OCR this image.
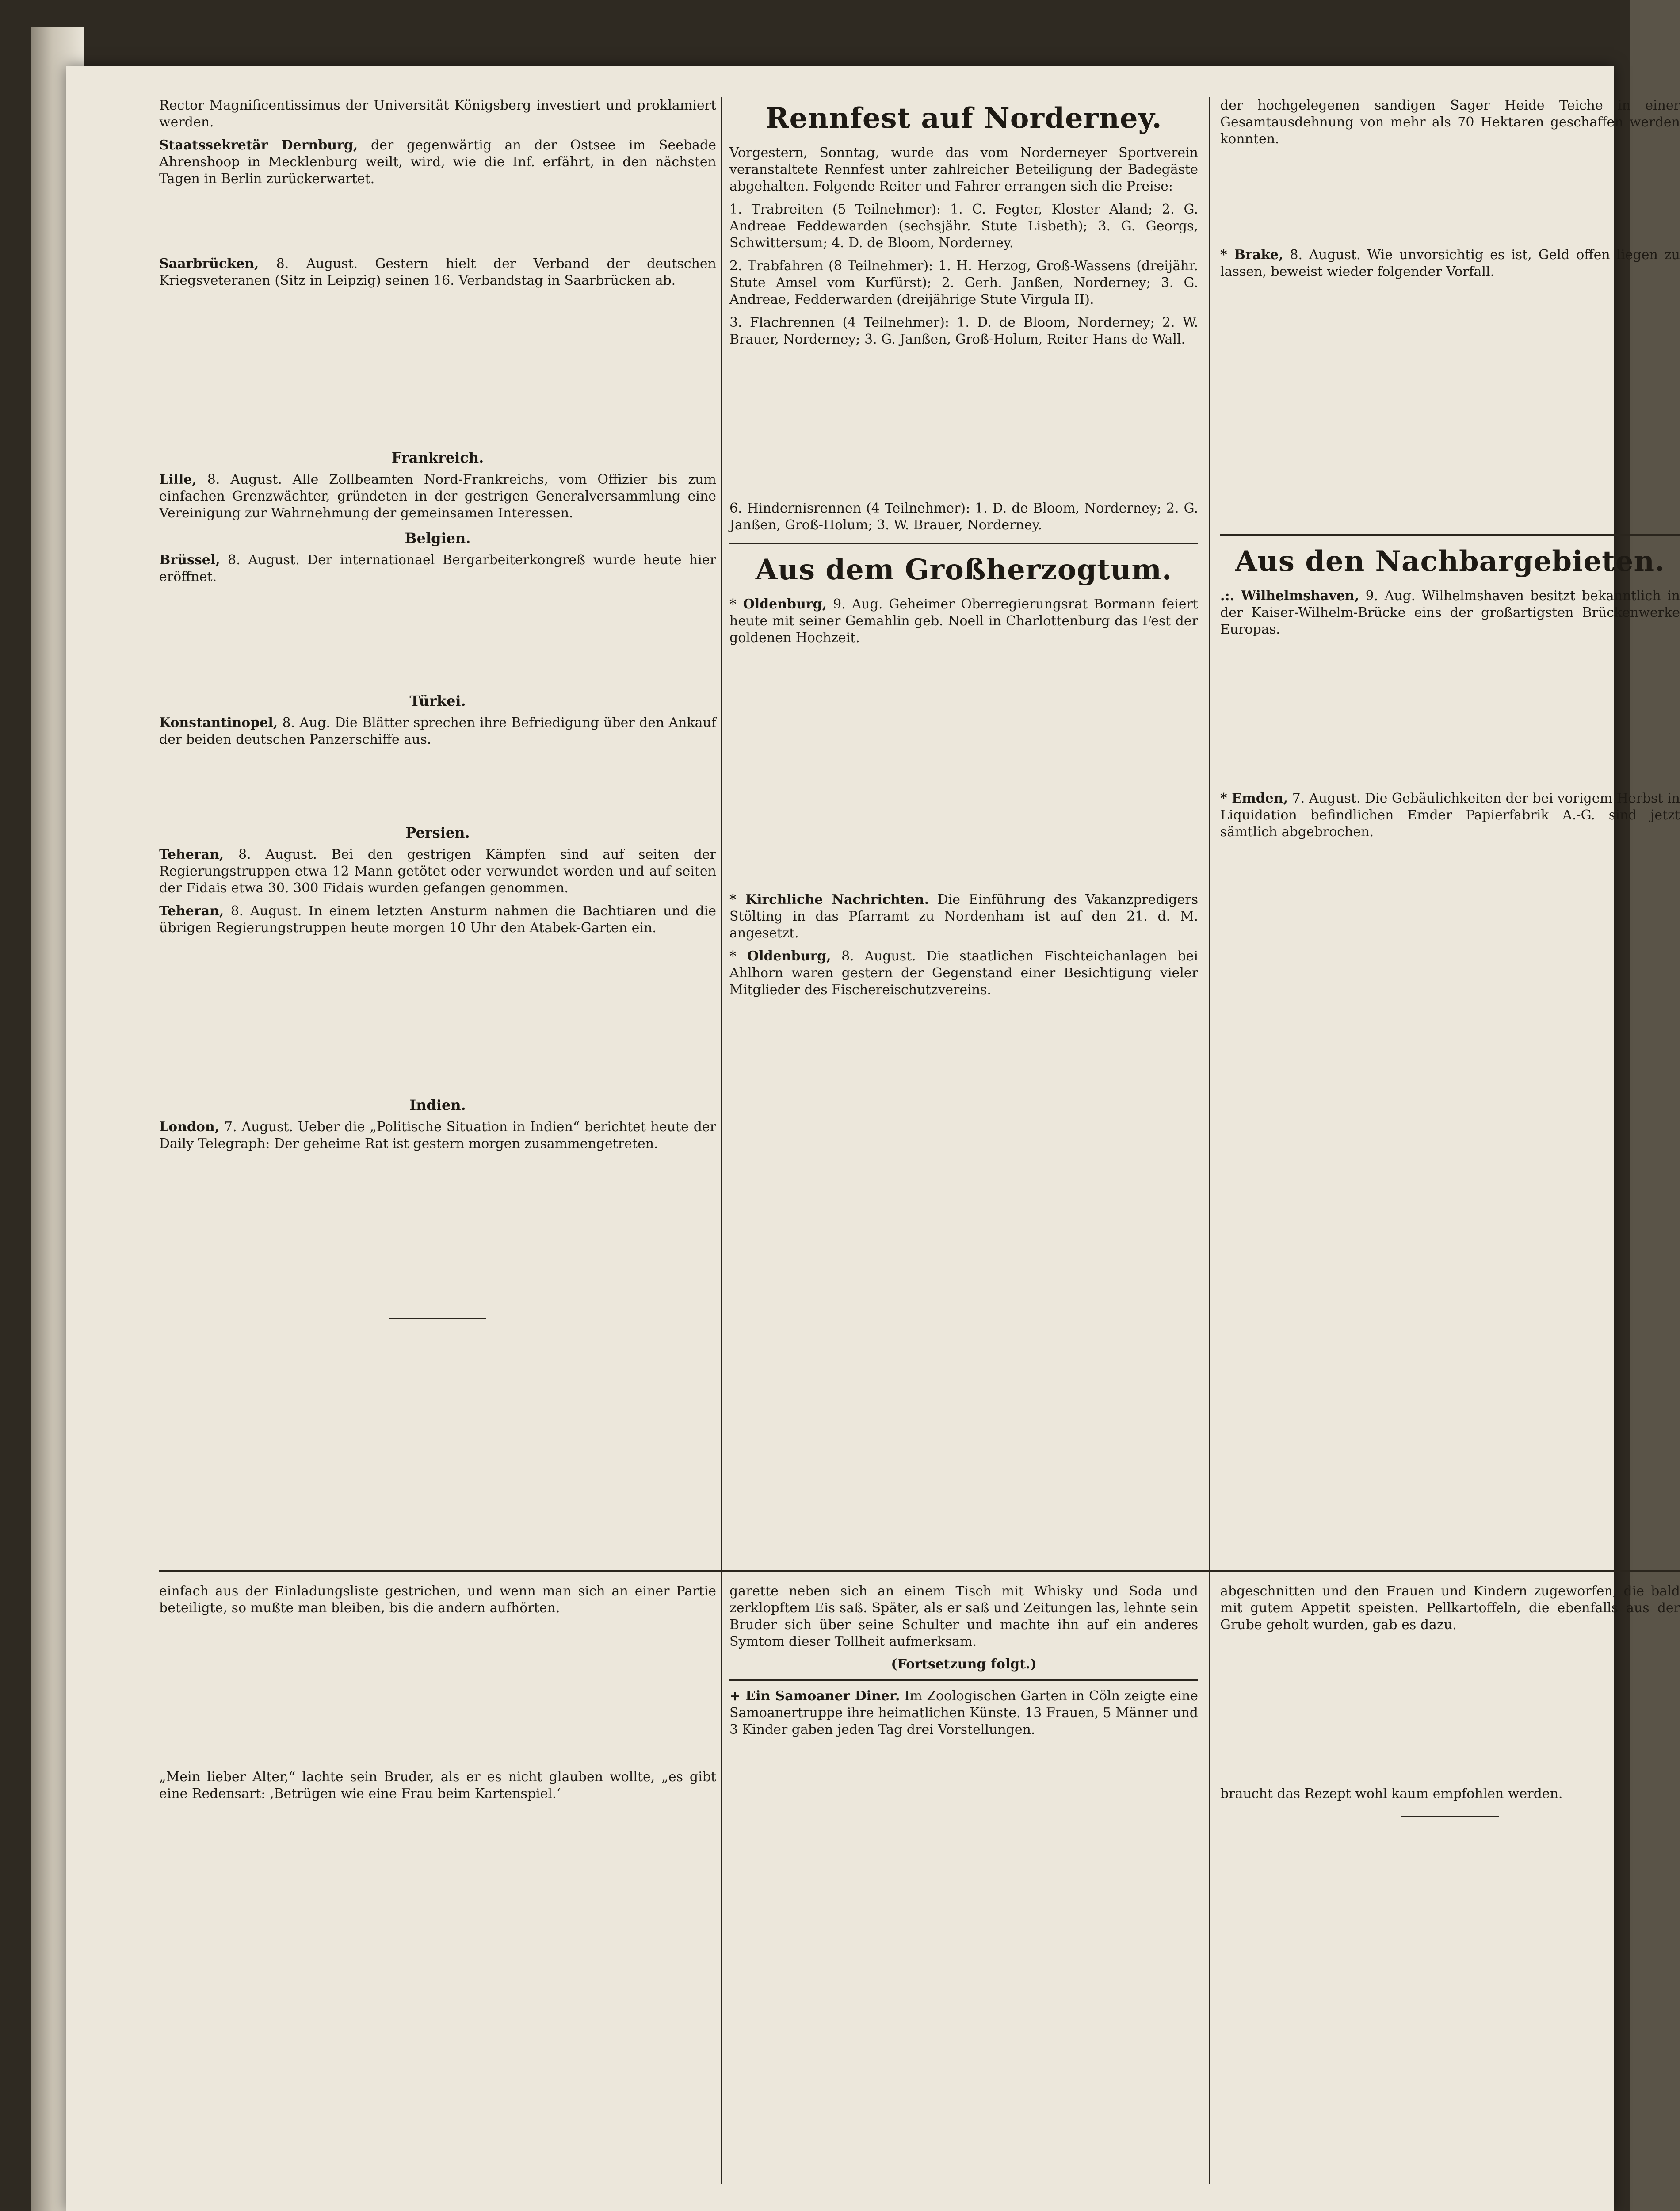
Rector Magnificentissimus der Universität Königsberg investiert und proklamiert werden.

Staatssekretär Dernburg, der gegenwärtig an der Ostsee im Seebade Ahrenshoop in Mecklenburg weilt, wird, wie die Inf. erfährt, in den nächsten Tagen in Berlin zurückerwartet.

Saarbrücken, 8. August. Gestern hielt der Verband der deutschen Kriegsveteranen (Sitz in Leipzig) seinen 16. Verbandstag in Saarbrücken ab.

Frankreich.

Lille, 8. August. Alle Zollbeamten Nord-Frankreichs, vom Offizier bis zum einfachen Grenzwächter, gründeten in der gestrigen Generalversammlung eine Vereinigung zur Wahrnehmung der gemeinsamen Interessen.

Belgien.

Brüssel, 8. August. Der internationael Bergarbeiterkongreß wurde heute hier eröffnet.

Türkei.

Konstantinopel, 8. Aug. Die Blätter sprechen ihre Befriedigung über den Ankauf der beiden deutschen Panzerschiffe aus.

Persien.

Teheran, 8. August. Bei den gestrigen Kämpfen sind auf seiten der Regierungstruppen etwa 12 Mann getötet oder verwundet worden und auf seiten der Fidais etwa 30. 300 Fidais wurden gefangen genommen.

Teheran, 8. August. In einem letzten Ansturm nahmen die Bachtiaren und die übrigen Regierungstruppen heute morgen 10 Uhr den Atabek-Garten ein.

Indien.

London, 7. August. Ueber die „Politische Situation in Indien“ berichtet heute der Daily Telegraph: Der geheime Rat ist gestern morgen zusammengetreten.

Rennfest auf Norderney.

Vorgestern, Sonntag, wurde das vom Norderneyer Sportverein veranstaltete Rennfest unter zahlreicher Beteiligung der Badegäste abgehalten. Folgende Reiter und Fahrer errangen sich die Preise:

1. Trabreiten (5 Teilnehmer): 1. C. Fegter, Kloster Aland; 2. G. Andreae Feddewarden (sechsjähr. Stute Lisbeth); 3. G. Georgs, Schwittersum; 4. D. de Bloom, Norderney.

2. Trabfahren (8 Teilnehmer): 1. H. Herzog, Groß-Wassens (dreijähr. Stute Amsel vom Kurfürst); 2. Gerh. Janßen, Norderney; 3. G. Andreae, Fedderwarden (dreijährige Stute Virgula II).

3. Flachrennen (4 Teilnehmer): 1. D. de Bloom, Norderney; 2. W. Brauer, Norderney; 3. G. Janßen, Groß-Holum, Reiter Hans de Wall.

6. Hindernisrennen (4 Teilnehmer): 1. D. de Bloom, Norderney; 2. G. Janßen, Groß-Holum; 3. W. Brauer, Norderney.

Aus dem Großherzogtum.

* Oldenburg, 9. Aug. Geheimer Oberregierungsrat Bormann feiert heute mit seiner Gemahlin geb. Noell in Charlottenburg das Fest der goldenen Hochzeit.

* Kirchliche Nachrichten. Die Einführung des Vakanzpredigers Stölting in das Pfarramt zu Nordenham ist auf den 21. d. M. angesetzt.

* Oldenburg, 8. August. Die staatlichen Fischteichanlagen bei Ahlhorn waren gestern der Gegenstand einer Besichtigung vieler Mitglieder des Fischereischutzvereins.

der hochgelegenen sandigen Sager Heide Teiche in einer Gesamtausdehnung von mehr als 70 Hektaren geschaffen werden konnten.

* Brake, 8. August. Wie unvorsichtig es ist, Geld offen liegen zu lassen, beweist wieder folgender Vorfall.

Aus den Nachbargebieten.

.:. Wilhelmshaven, 9. Aug. Wilhelmshaven besitzt bekanntlich in der Kaiser-Wilhelm-Brücke eins der großartigsten Brückenwerke Europas.

* Emden, 7. August. Die Gebäulichkeiten der bei vorigem Herbst in Liquidation befindlichen Emder Papierfabrik A.-G. sind jetzt sämtlich abgebrochen.

einfach aus der Einladungsliste gestrichen, und wenn man sich an einer Partie beteiligte, so mußte man bleiben, bis die andern aufhörten.

„Mein lieber Alter,“ lachte sein Bruder, als er es nicht glauben wollte, „es gibt eine Redensart: ‚Betrügen wie eine Frau beim Kartenspiel.‘

garette neben sich an einem Tisch mit Whisky und Soda und zerklopftem Eis saß. Später, als er saß und Zeitungen las, lehnte sein Bruder sich über seine Schulter und machte ihn auf ein anderes Symtom dieser Tollheit aufmerksam.

(Fortsetzung folgt.)

+ Ein Samoaner Diner. Im Zoologischen Garten in Cöln zeigte eine Samoanertruppe ihre heimatlichen Künste. 13 Frauen, 5 Männer und 3 Kinder gaben jeden Tag drei Vorstellungen.

abgeschnitten und den Frauen und Kindern zugeworfen, die bald mit gutem Appetit speisten. Pellkartoffeln, die ebenfalls aus der Grube geholt wurden, gab es dazu.

braucht das Rezept wohl kaum empfohlen werden.
